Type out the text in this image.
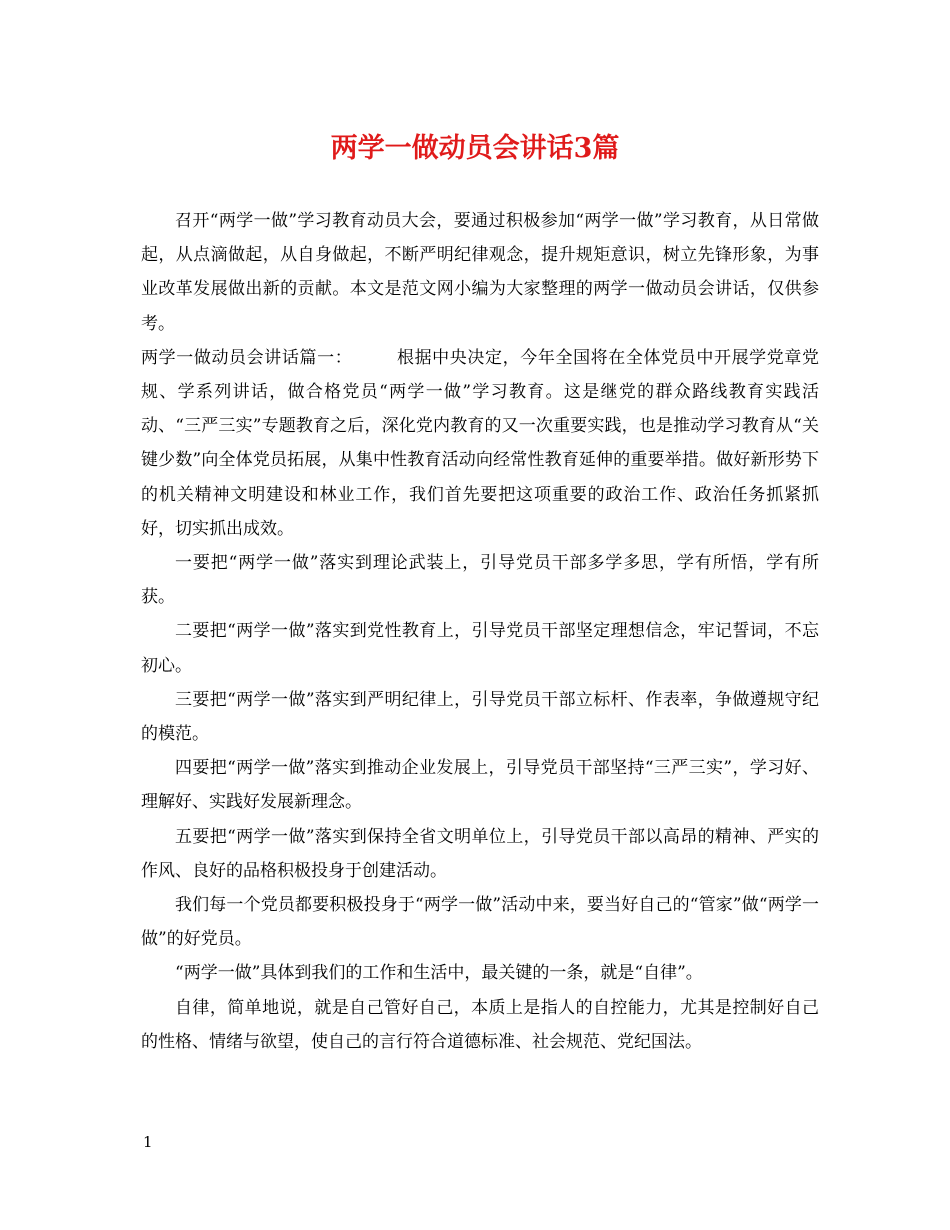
两学一做动员会讲话3篇

召开“两学一做”学习教育动员大会，要通过积极参加“两学一做”学习教育，从日常做起，从点滴做起，从自身做起，不断严明纪律观念，提升规矩意识，树立先锋形象，为事业改革发展做出新的贡献。本文是范文网小编为大家整理的两学一做动员会讲话，仅供参考。

两学一做动员会讲话篇一：	根据中央决定，今年全国将在全体党员中开展学党章党规、学系列讲话，做合格党员“两学一做”学习教育。这是继党的群众路线教育实践活动、“三严三实”专题教育之后，深化党内教育的又一次重要实践，也是推动学习教育从“关键少数”向全体党员拓展，从集中性教育活动向经常性教育延伸的重要举措。做好新形势下的机关精神文明建设和林业工作，我们首先要把这项重要的政治工作、政治任务抓紧抓好，切实抓出成效。

一要把“两学一做”落实到理论武装上，引导党员干部多学多思，学有所悟，学有所获。

二要把“两学一做”落实到党性教育上，引导党员干部坚定理想信念，牢记誓词，不忘初心。

三要把“两学一做”落实到严明纪律上，引导党员干部立标杆、作表率，争做遵规守纪的模范。

四要把“两学一做”落实到推动企业发展上，引导党员干部坚持“三严三实”，学习好、理解好、实践好发展新理念。

五要把“两学一做”落实到保持全省文明单位上，引导党员干部以高昂的精神、严实的作风、良好的品格积极投身于创建活动。

我们每一个党员都要积极投身于“两学一做”活动中来，要当好自己的“管家”做“两学一做”的好党员。

“两学一做”具体到我们的工作和生活中，最关键的一条，就是“自律”。

自律，简单地说，就是自己管好自己，本质上是指人的自控能力，尤其是控制好自己的性格、情绪与欲望，使自己的言行符合道德标准、社会规范、党纪国法。

1
